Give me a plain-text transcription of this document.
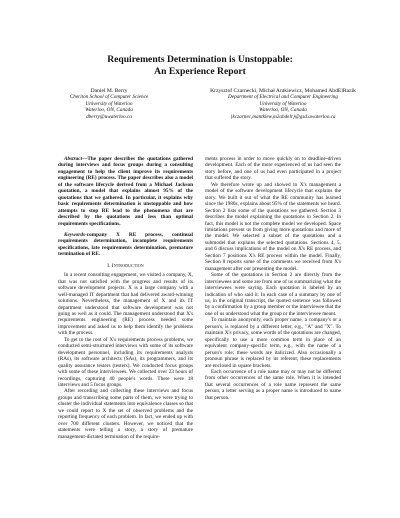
Requirements Determination is Unstoppable:
An Experience Report
Daniel M. Berry
Cheriton School of Computer Science
University of Waterloo
Waterloo, ON, Canada
dberry@uwaterloo.ca
Krzysztof Czarnecki, Michał Antkiewicz, Mohamed AbdElRazik
Department of Electrical and Computer Engineering
University of Waterloo
Waterloo, ON, Canada
{kczarnec,mantkiew,m2abdelr}@gsd.uwaterloo.ca

Abstract—The paper describes the quotations gathered during interviews and focus groups during a consulting engagement to help the client improve its requirements engineering (RE) process. The paper describes also a model of the software lifecycle derived from a Michael Jackson quotation, a model that explains almost 95% of the quotations that we gathered. In particular, it explains why basic requirements determination is unstoppable and how attempts to stop RE lead to the phenomena that are described by the quotations and less than optimal requirements specifications.

Keywords-company X RE process, continual requirements determination, incomplete requirements specifications, late requirements determination, premature termination of RE.

I. Introduction

In a recent consulting engagement, we visited a company, X, that was not satisfied with the progress and results of its software development projects. X is a large company with a well-managed IT department that had delivered award-winning solutions. Nevertheless, the management of X and its IT department understood that software development was not going as well as it could. The management understood that X's requirements engineering (RE) process needed some improvement and asked us to help them identify the problems with the process.

To get to the root of X's requirements process problems, we conducted semi-structured interviews with some of its software development personnel, including its requirements analysts (RAs), its software architects (SAs), its programmers, and its quality assurance testers (testers). We conducted focus groups with some of these interviewees. We collected over 23 hours of recordings, capturing 40 people's words. There were 18 interviews and 5 focus groups.

After recording and collecting these interviews and focus groups and transcribing some parts of them, we were trying to cluster the individual statements into equivalence classes so that we could report to X the set of observed problems and the reporting frequency of each problem. In fact, we ended up with over 700 different clusters. However, we noticed that the statements were telling a story, a story of premature management-dictated termination of the require-

ments process in order to move quickly on to deadline-driven development. Each of the more experienced of us had seen the story before, and one of us had even participated in a project that suffered the story.

We therefore wrote up and showed to X's management a model of the software development lifecycle that explains the story. We built it out of what the RE community has learned since the 1980s, explains about 95% of the statements we heard. Section 2 lists some of the quotations we gathered. Section 3 describes the model explaining the quotations in Section 2. In fact, this model is not the complete model we developed. Space limitations prevent us from giving more quotations and more of the model. We selected a subset of the quotations and a submodel that explains the selected quotations. Sections 4, 5, and 6 discuss implications of the model on X's RE process, and Section 7 positions X's RE process within the model. Finally, Section 8 reports some of the comments we received from X's management after our presenting the model.

Some of the quotations in Section 2 are directly from the interviewees and some are from one of us summarizing what the interviewees were saying. Each quotation is labeled by an indication of who said it. In each case of a summary by one of us, in the original transcript, the quoted sentence was followed by a confirmation by a group member or the interviewee that the one of us understood what the group or the interviewee meant.

To maintain anonymity, each proper name, a company's or a person's, is replaced by a different letter, e.g., "A" and "X". To maintain X's privacy, some words of the quotations are changed, specifically to use a more common term in place of an equivalent company-specific term, e.g., with the name of a person's role; these words are italicized. Also occasionally a pronoun phrase is replaced by its referent; these replacements are enclosed in square brackets.

Each occurrence of a role name may or may not be different from other occurrences of the same role. When it is intended that several occurrences of a role name represent the same person, a letter serving as a proper name is introduced to name that person.
